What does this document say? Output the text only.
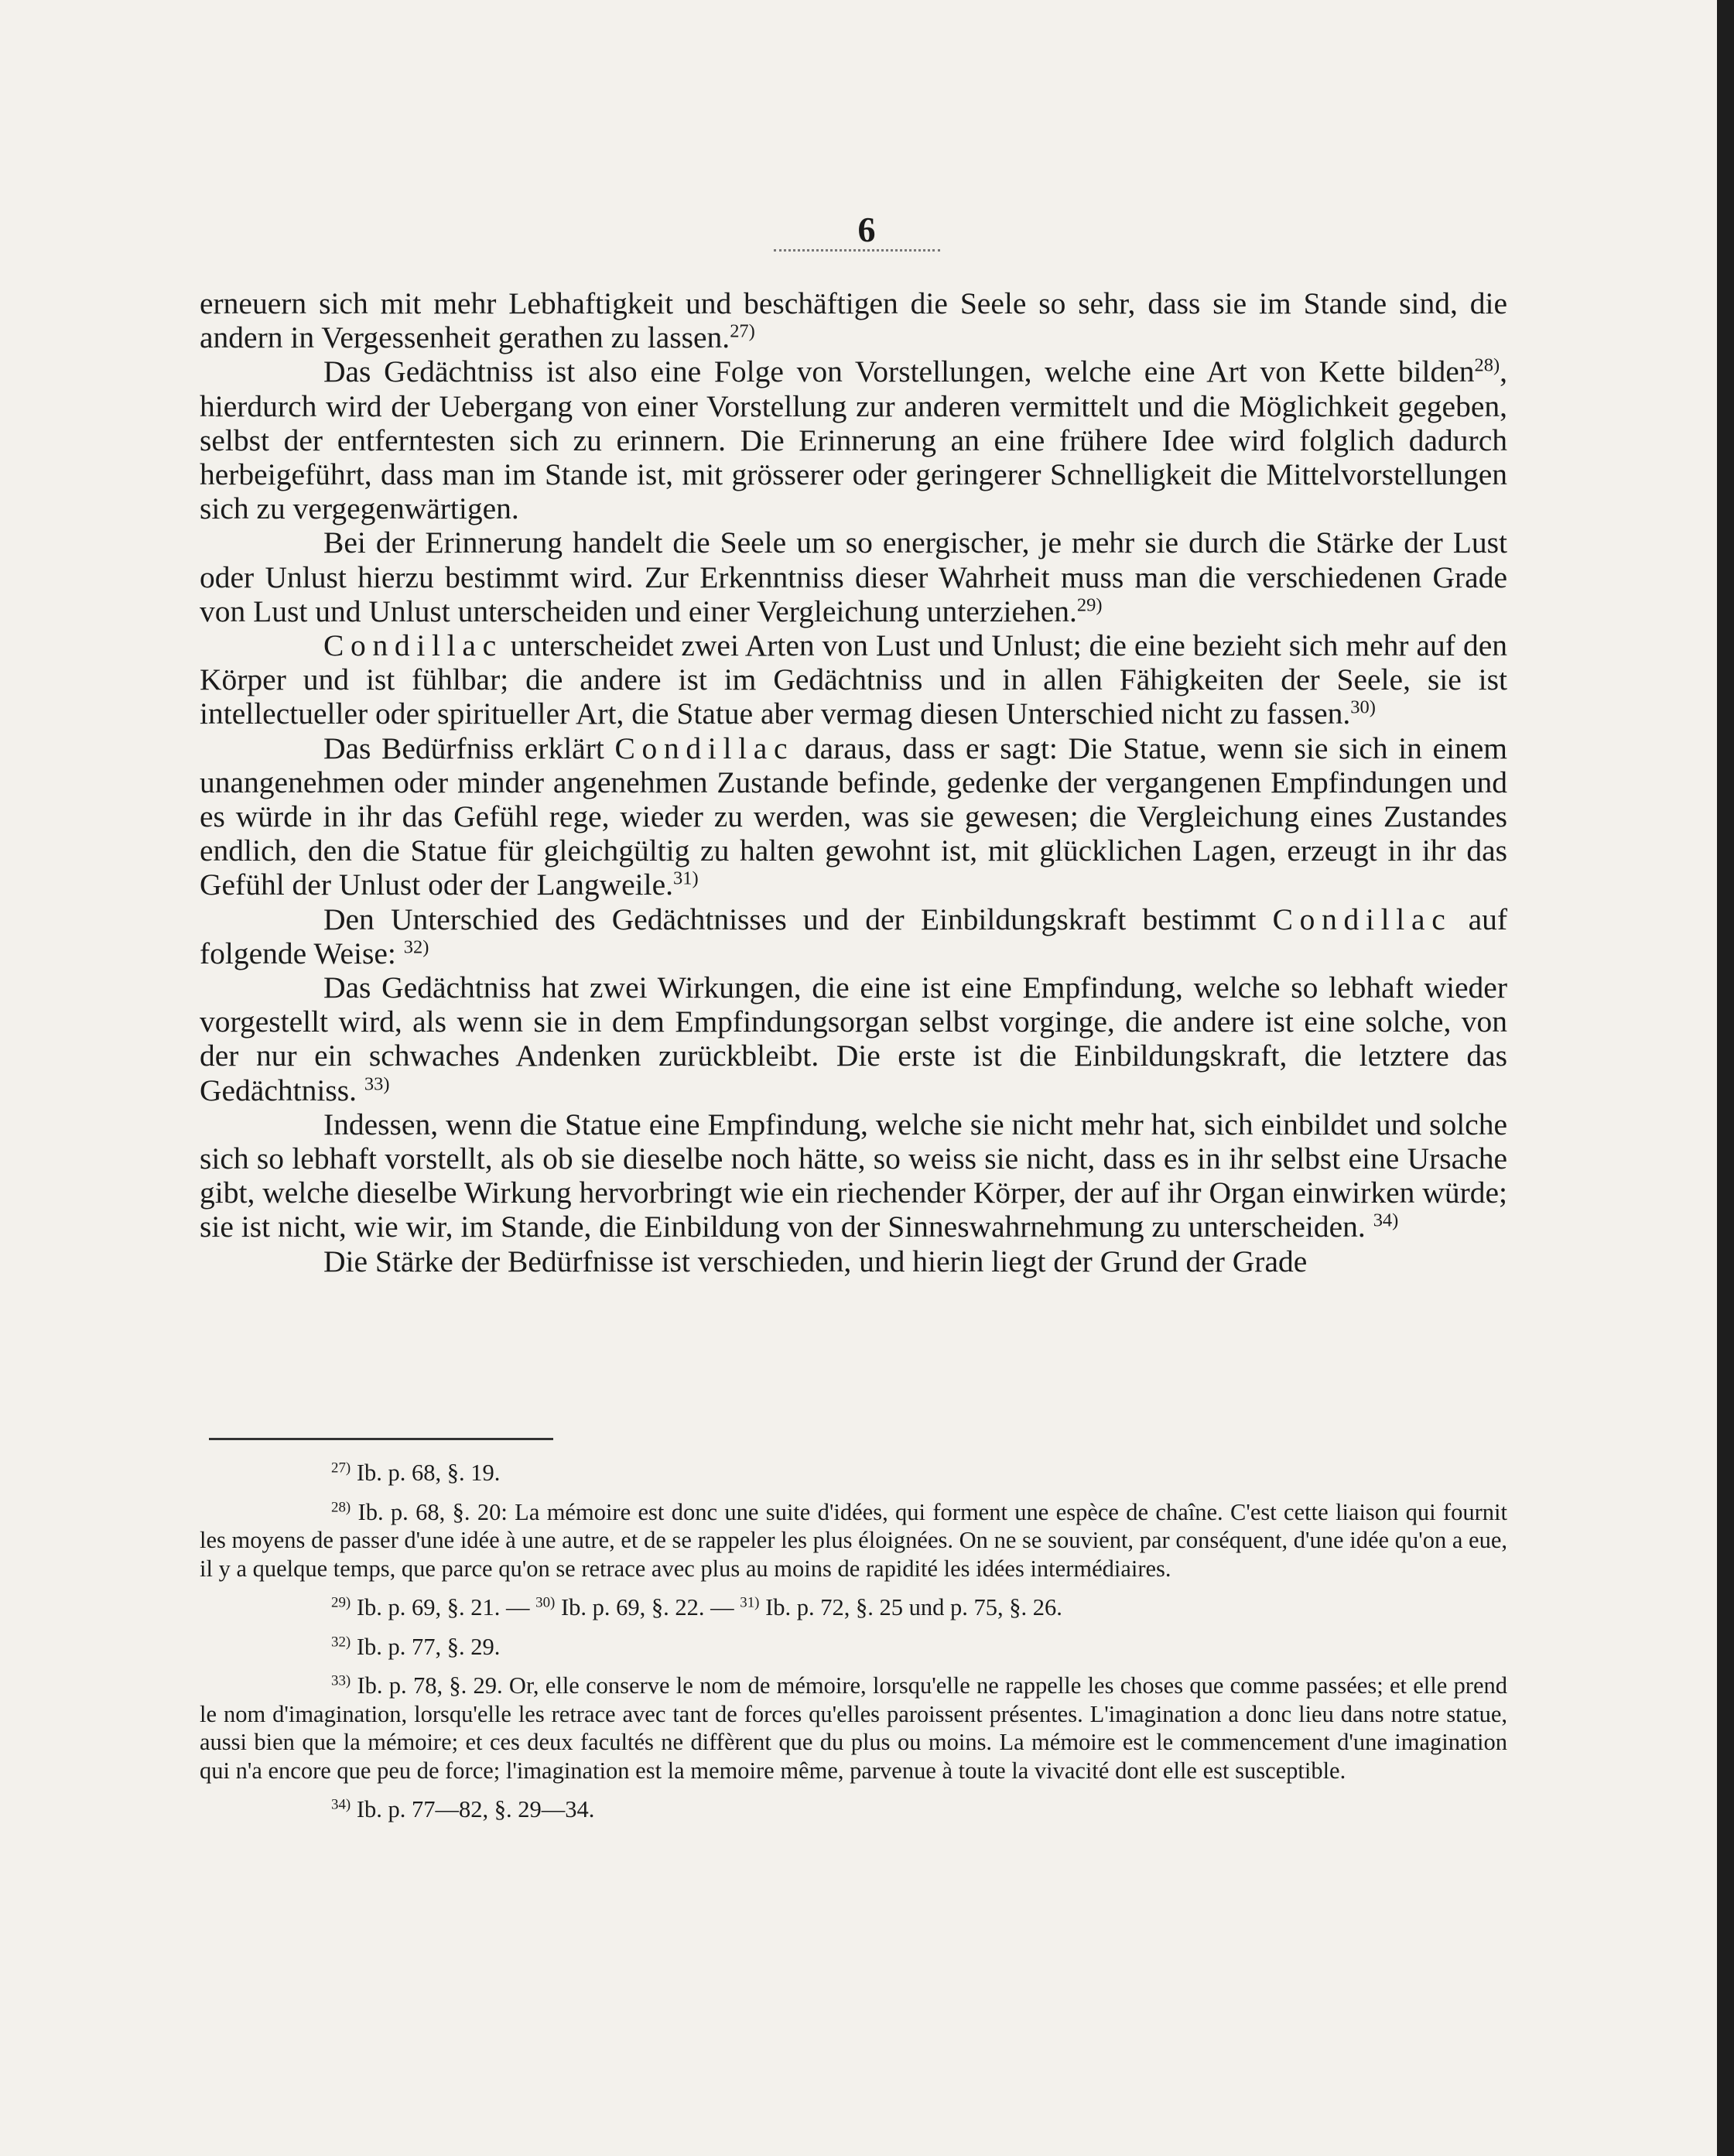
6

erneuern sich mit mehr Lebhaftigkeit und beschäftigen die Seele so sehr, dass sie im Stande sind, die andern in Vergessenheit gerathen zu lassen.$^{27)}$

Das Gedächtniss ist also eine Folge von Vorstellungen, welche eine Art von Kette bilden$^{28)}$, hierdurch wird der Uebergang von einer Vorstellung zur anderen vermittelt und die Möglichkeit gegeben, selbst der entferntesten sich zu erinnern. Die Erinnerung an eine frühere Idee wird folglich dadurch herbeigeführt, dass man im Stande ist, mit grösserer oder geringerer Schnelligkeit die Mittelvorstellungen sich zu vergegenwärtigen.

Bei der Erinnerung handelt die Seele um so energischer, je mehr sie durch die Stärke der Lust oder Unlust hierzu bestimmt wird. Zur Erkenntniss dieser Wahrheit muss man die verschiedenen Grade von Lust und Unlust unterscheiden und einer Vergleichung unterziehen.$^{29)}$

Condillac unterscheidet zwei Arten von Lust und Unlust; die eine bezieht sich mehr auf den Körper und ist fühlbar; die andere ist im Gedächtniss und in allen Fähigkeiten der Seele, sie ist intellectueller oder spiritueller Art, die Statue aber vermag diesen Unterschied nicht zu fassen.$^{30)}$

Das Bedürfniss erklärt Condillac daraus, dass er sagt: Die Statue, wenn sie sich in einem unangenehmen oder minder angenehmen Zustande befinde, gedenke der vergangenen Empfindungen und es würde in ihr das Gefühl rege, wieder zu werden, was sie gewesen; die Vergleichung eines Zustandes endlich, den die Statue für gleichgültig zu halten gewohnt ist, mit glücklichen Lagen, erzeugt in ihr das Gefühl der Unlust oder der Langweile.$^{31)}$

Den Unterschied des Gedächtnisses und der Einbildungskraft bestimmt Condillac auf folgende Weise: $^{32)}$

Das Gedächtniss hat zwei Wirkungen, die eine ist eine Empfindung, welche so lebhaft wieder vorgestellt wird, als wenn sie in dem Empfindungsorgan selbst vorginge, die andere ist eine solche, von der nur ein schwaches Andenken zurückbleibt. Die erste ist die Einbildungskraft, die letztere das Gedächtniss. $^{33)}$

Indessen, wenn die Statue eine Empfindung, welche sie nicht mehr hat, sich einbildet und solche sich so lebhaft vorstellt, als ob sie dieselbe noch hätte, so weiss sie nicht, dass es in ihr selbst eine Ursache gibt, welche dieselbe Wirkung hervorbringt wie ein riechender Körper, der auf ihr Organ einwirken würde; sie ist nicht, wie wir, im Stande, die Einbildung von der Sinneswahrnehmung zu unterscheiden. $^{34)}$

Die Stärke der Bedürfnisse ist verschieden, und hierin liegt der Grund der Grade

$^{27)}$ Ib. p. 68, §. 19.

$^{28)}$ Ib. p. 68, §. 20: La mémoire est donc une suite d'idées, qui forment une espèce de chaîne. C'est cette liaison qui fournit les moyens de passer d'une idée à une autre, et de se rappeler les plus éloignées. On ne se souvient, par conséquent, d'une idée qu'on a eue, il y a quelque temps, que parce qu'on se retrace avec plus au moins de rapidité les idées intermédiaires.

$^{29)}$ Ib. p. 69, §. 21. — $^{30)}$ Ib. p. 69, §. 22. — $^{31)}$ Ib. p. 72, §. 25 und p. 75, §. 26.

$^{32)}$ Ib. p. 77, §. 29.

$^{33)}$ Ib. p. 78, §. 29. Or, elle conserve le nom de mémoire, lorsqu'elle ne rappelle les choses que comme passées; et elle prend le nom d'imagination, lorsqu'elle les retrace avec tant de forces qu'elles paroissent présentes. L'imagination a donc lieu dans notre statue, aussi bien que la mémoire; et ces deux facultés ne diffèrent que du plus ou moins. La mémoire est le commencement d'une imagination qui n'a encore que peu de force; l'imagination est la memoire même, parvenue à toute la vivacité dont elle est susceptible.

$^{34)}$ Ib. p. 77—82, §. 29—34.
